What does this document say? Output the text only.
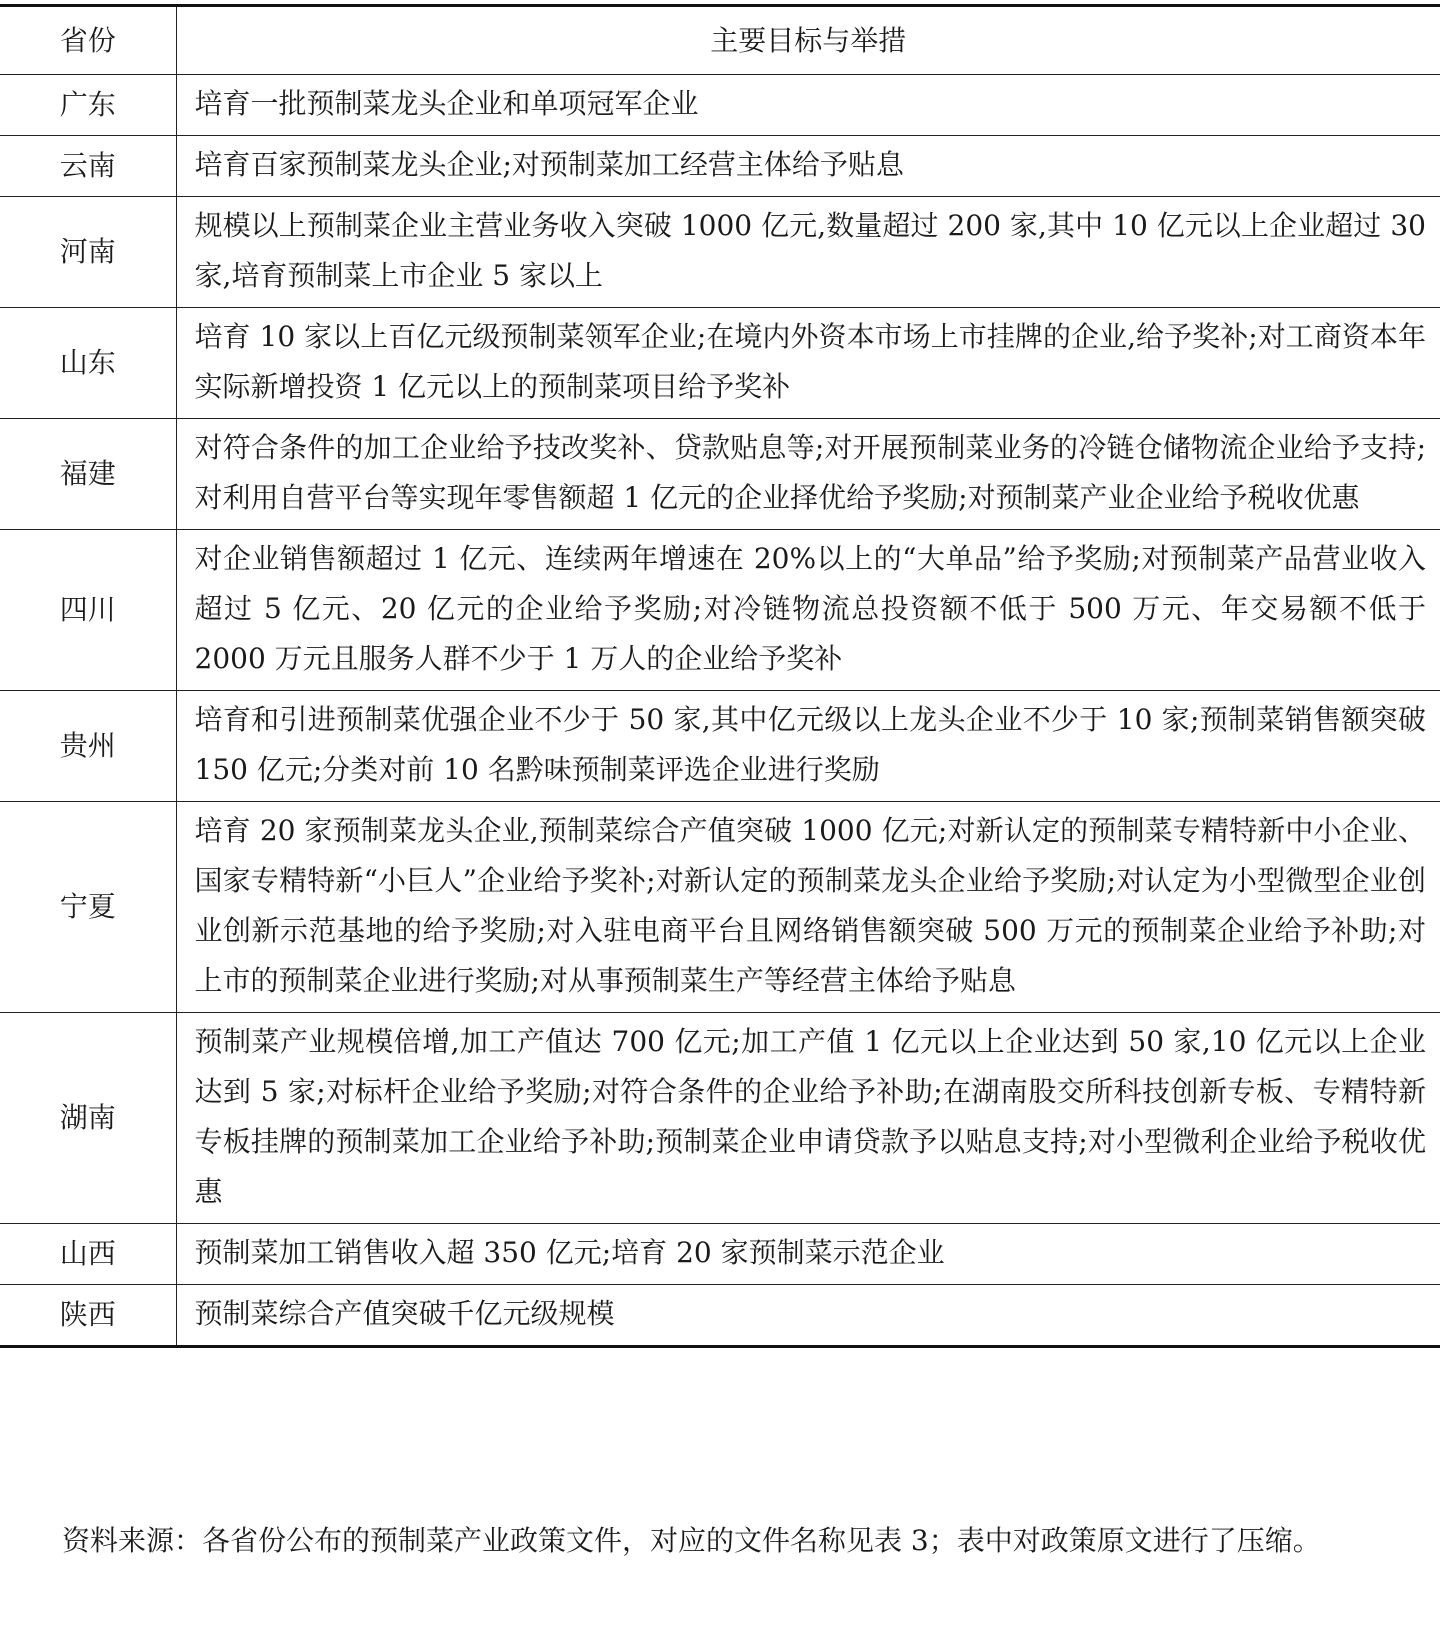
省份	主要目标与举措
广东	培育一批预制菜龙头企业和单项冠军企业
云南	培育百家预制菜龙头企业;对预制菜加工经营主体给予贴息
河南	规模以上预制菜企业主营业务收入突破 1000 亿元,数量超过 200 家,其中 10 亿元以上企业超过 30 家,培育预制菜上市企业 5 家以上
山东	培育 10 家以上百亿元级预制菜领军企业;在境内外资本市场上市挂牌的企业,给予奖补;对工商资本年实际新增投资 1 亿元以上的预制菜项目给予奖补
福建	对符合条件的加工企业给予技改奖补、贷款贴息等;对开展预制菜业务的冷链仓储物流企业给予支持;对利用自营平台等实现年零售额超 1 亿元的企业择优给予奖励;对预制菜产业企业给予税收优惠
四川	对企业销售额超过 1 亿元、连续两年增速在 20%以上的“大单品”给予奖励;对预制菜产品营业收入超过 5 亿元、20 亿元的企业给予奖励;对冷链物流总投资额不低于 500 万元、年交易额不低于 2000 万元且服务人群不少于 1 万人的企业给予奖补
贵州	培育和引进预制菜优强企业不少于 50 家,其中亿元级以上龙头企业不少于 10 家;预制菜销售额突破 150 亿元;分类对前 10 名黔味预制菜评选企业进行奖励
宁夏	培育 20 家预制菜龙头企业,预制菜综合产值突破 1000 亿元;对新认定的预制菜专精特新中小企业、国家专精特新“小巨人”企业给予奖补;对新认定的预制菜龙头企业给予奖励;对认定为小型微型企业创业创新示范基地的给予奖励;对入驻电商平台且网络销售额突破 500 万元的预制菜企业给予补助;对上市的预制菜企业进行奖励;对从事预制菜生产等经营主体给予贴息
湖南	预制菜产业规模倍增,加工产值达 700 亿元;加工产值 1 亿元以上企业达到 50 家,10 亿元以上企业达到 5 家;对标杆企业给予奖励;对符合条件的企业给予补助;在湖南股交所科技创新专板、专精特新专板挂牌的预制菜加工企业给予补助;预制菜企业申请贷款予以贴息支持;对小型微利企业给予税收优惠
山西	预制菜加工销售收入超 350 亿元;培育 20 家预制菜示范企业
陕西	预制菜综合产值突破千亿元级规模

资料来源：各省份公布的预制菜产业政策文件，对应的文件名称见表 3；表中对政策原文进行了压缩。
